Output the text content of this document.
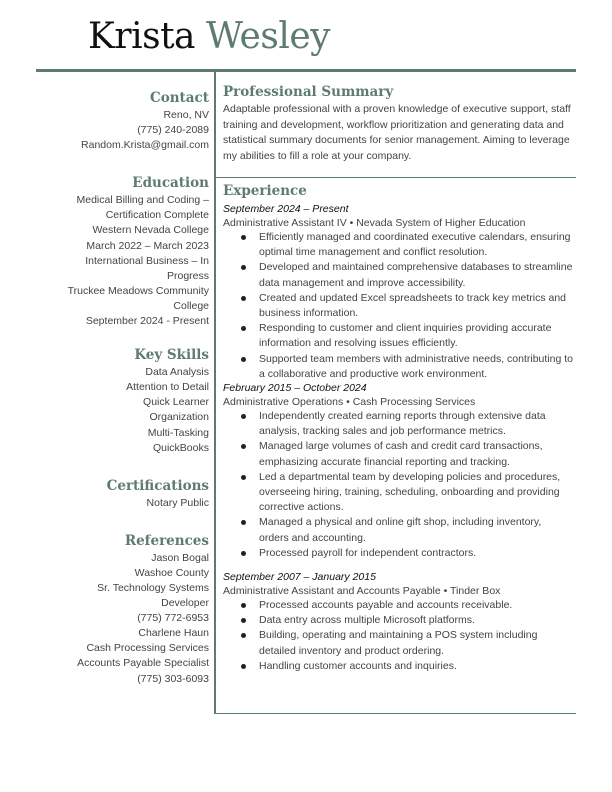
Krista Wesley

Contact

Reno, NV

(775) 240-2089

Random.Krista@gmail.com

Education

Medical Billing and Coding –

Certification Complete

Western Nevada College

March 2022 – March 2023

International Business – In

Progress

Truckee Meadows Community

College

September 2024 - Present

Key Skills

Data Analysis

Attention to Detail

Quick Learner

Organization

Multi-Tasking

QuickBooks

Certifications

Notary Public

References

Jason Bogal

Washoe County

Sr. Technology Systems

Developer

(775) 772-6953

Charlene Haun

Cash Processing Services

Accounts Payable Specialist

(775) 303-6093

Professional Summary

Adaptable professional with a proven knowledge of executive support, staff training and development, workflow prioritization and generating data and statistical summary documents for senior management. Aiming to leverage my abilities to fill a role at your company.

Experience

September 2024 – Present

Administrative Assistant IV • Nevada System of Higher Education

Efficiently managed and coordinated executive calendars, ensuring optimal time management and conflict resolution.
Developed and maintained comprehensive databases to streamline data management and improve accessibility.
Created and updated Excel spreadsheets to track key metrics and business information.
Responding to customer and client inquiries providing accurate information and resolving issues efficiently.
Supported team members with administrative needs, contributing to a collaborative and productive work environment.

February 2015 – October 2024

Administrative Operations • Cash Processing Services

Independently created earning reports through extensive data analysis, tracking sales and job performance metrics.
Managed large volumes of cash and credit card transactions, emphasizing accurate financial reporting and tracking.
Led a departmental team by developing policies and procedures, overseeing hiring, training, scheduling, onboarding and providing corrective actions.
Managed a physical and online gift shop, including inventory, orders and accounting.
Processed payroll for independent contractors.

September 2007 – January 2015

Administrative Assistant and Accounts Payable • Tinder Box

Processed accounts payable and accounts receivable.
Data entry across multiple Microsoft platforms.
Building, operating and maintaining a POS system including detailed inventory and product ordering.
Handling customer accounts and inquiries.
